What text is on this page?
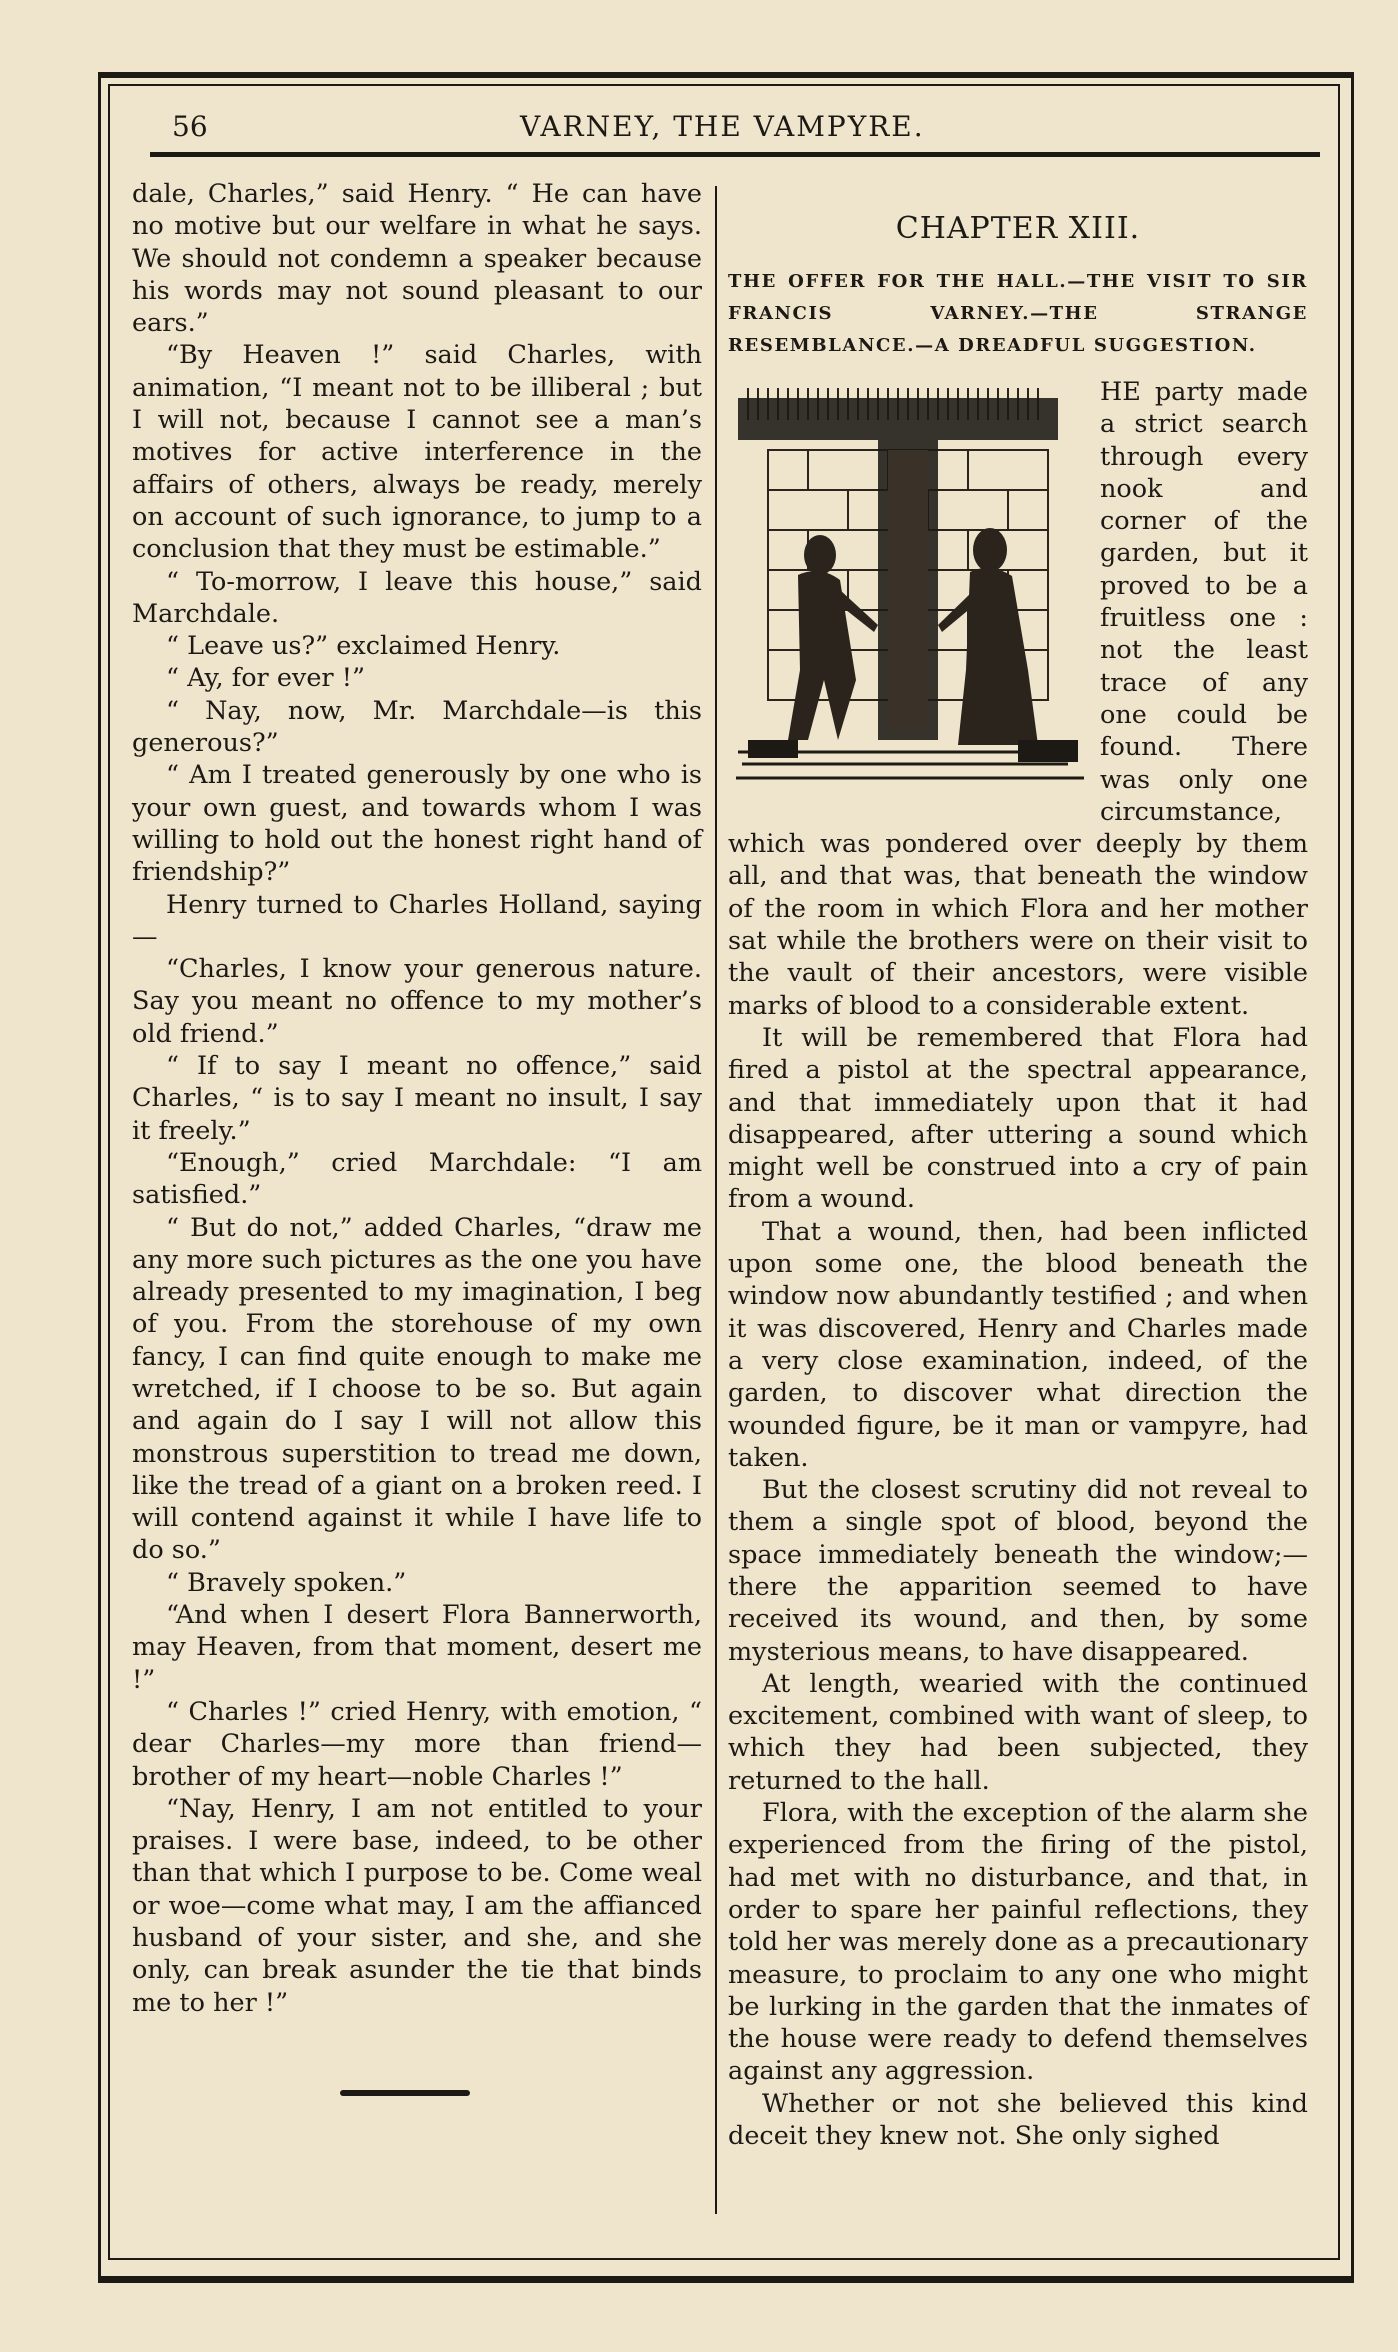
56	VARNEY, THE VAMPYRE.

dale, Charles,” said Henry. “ He can have no motive but our welfare in what he says. We should not condemn a speaker because his words may not sound pleasant to our ears.”

“By Heaven !” said Charles, with animation, “I meant not to be illiberal ; but I will not, because I cannot see a man’s motives for active interference in the affairs of others, always be ready, merely on account of such ignorance, to jump to a conclusion that they must be estimable.”

“ To-morrow, I leave this house,” said Marchdale.

“ Leave us?” exclaimed Henry.

“ Ay, for ever !”

“ Nay, now, Mr. Marchdale—is this generous?”

“ Am I treated generously by one who is your own guest, and towards whom I was willing to hold out the honest right hand of friendship?”

Henry turned to Charles Holland, saying—

“Charles, I know your generous nature. Say you meant no offence to my mother’s old friend.”

“ If to say I meant no offence,” said Charles, “ is to say I meant no insult, I say it freely.”

“Enough,” cried Marchdale: “I am satisfied.”

“ But do not,” added Charles, “draw me any more such pictures as the one you have already presented to my imagination, I beg of you. From the storehouse of my own fancy, I can find quite enough to make me wretched, if I choose to be so. But again and again do I say I will not allow this monstrous superstition to tread me down, like the tread of a giant on a broken reed. I will contend against it while I have life to do so.”

“ Bravely spoken.”

“And when I desert Flora Bannerworth, may Heaven, from that moment, desert me !”

“ Charles !” cried Henry, with emotion, “ dear Charles—my more than friend—brother of my heart—noble Charles !”

“Nay, Henry, I am not entitled to your praises. I were base, indeed, to be other than that which I purpose to be. Come weal or woe—come what may, I am the affianced husband of your sister, and she, and she only, can break asunder the tie that binds me to her !”

CHAPTER XIII.
THE OFFER FOR THE HALL.—THE VISIT TO SIR FRANCIS VARNEY.—THE STRANGE RESEMBLANCE.—A DREADFUL SUGGESTION.

HE party made a strict search through every nook and corner of the garden, but it proved to be a fruitless one : not the least trace of any one could be found. There was only one circumstance, which was pondered over deeply by them all, and that was, that beneath the window of the room in which Flora and her mother sat while the brothers were on their visit to the vault of their ancestors, were visible marks of blood to a considerable extent.

It will be remembered that Flora had fired a pistol at the spectral appearance, and that immediately upon that it had disappeared, after uttering a sound which might well be construed into a cry of pain from a wound.

That a wound, then, had been inflicted upon some one, the blood beneath the window now abundantly testified ; and when it was discovered, Henry and Charles made a very close examination, indeed, of the garden, to discover what direction the wounded figure, be it man or vampyre, had taken.

But the closest scrutiny did not reveal to them a single spot of blood, beyond the space immediately beneath the window;—there the apparition seemed to have received its wound, and then, by some mysterious means, to have disappeared.

At length, wearied with the continued excitement, combined with want of sleep, to which they had been subjected, they returned to the hall.

Flora, with the exception of the alarm she experienced from the firing of the pistol, had met with no disturbance, and that, in order to spare her painful reflections, they told her was merely done as a precautionary measure, to proclaim to any one who might be lurking in the garden that the inmates of the house were ready to defend themselves against any aggression.

Whether or not she believed this kind deceit they knew not. She only sighed
